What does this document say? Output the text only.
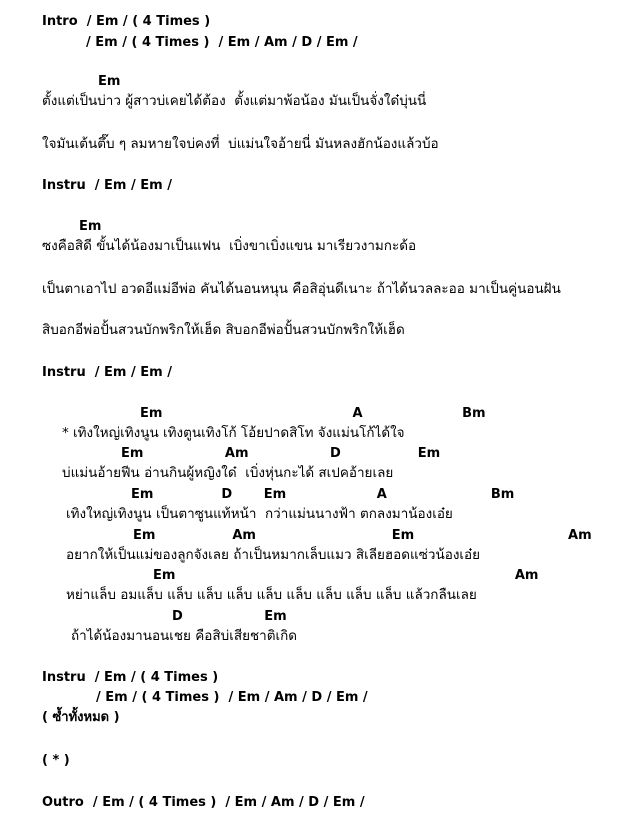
Intro  / Em / ( 4 Times )
/ Em / ( 4 Times )  / Em / Am / D / Em /
Em
ตั้งแต่เป็นบ่าว ผู้สาวบ่เคยได้ต้อง  ตั้งแต่มาพ้อน้อง มันเป็นจั่งใด๋บุ่นนี่
ใจมันเต้นตึ๊บ ๆ ลมหายใจบ่คงที่  บ่แม่นใจอ้ายนี่ มันหลงฮักน้องแล้วบ้อ
Instru  / Em / Em /
Em
ซงคือสิดี ขั้นได้น้องมาเป็นแฟน  เบิ่งขาเบิ่งแขน มาเรียวงามกะด้อ
เป็นตาเอาไป อวดอีแม่อีพ่อ คันได้นอนหนุน คือสิอุ่นดีเนาะ ถ้าได้นวลละออ มาเป็นคู่นอนฝัน
สิบอกอีพ่อปั้นสวนบักพริกให้เฮ็ด สิบอกอีพ่อปั้นสวนบักพริกให้เฮ็ด
Instru  / Em / Em /
Em                                          A                      Bm
* เทิงใหญ่เทิงนูน เทิงตูนเทิงโก้ โอ้ยปาดสิโท จังแม่นโก้ได้ใจ
Em                  Am                  D                 Em
บ่แม่นอ้ายฟีน อ่านกินผู้หญิงใด๋  เบิ่งหุ่นกะได้ สเปคอ้ายเลย
Em               D       Em                    A                       Bm
เทิงใหญ่เทิงนูน เป็นตาซูนแท้หน้า  กว่าแม่นนางฟ้า ตกลงมาน้องเอ๋ย
Em                 Am                              Em                                  Am
อยากให้เป็นแม่ของลูกจังเลย ถ้าเป็นหมากเล็บแมว สิเลียฮอดแซ่วน้องเอ๋ย
Em                                                                           Am
หย่าแล็บ อมแล็บ แล็บ แล็บ แล็บ แล็บ แล็บ แล็บ แล็บ แล็บ แล้วกลืนเลย
D                  Em
ถ้าได้น้องมานอนเชย คือสิบ่เสียชาติเกิด
Instru  / Em / ( 4 Times )
/ Em / ( 4 Times )  / Em / Am / D / Em /
( ซ้ำทั้งหมด )
( * )
Outro  / Em / ( 4 Times )  / Em / Am / D / Em /
